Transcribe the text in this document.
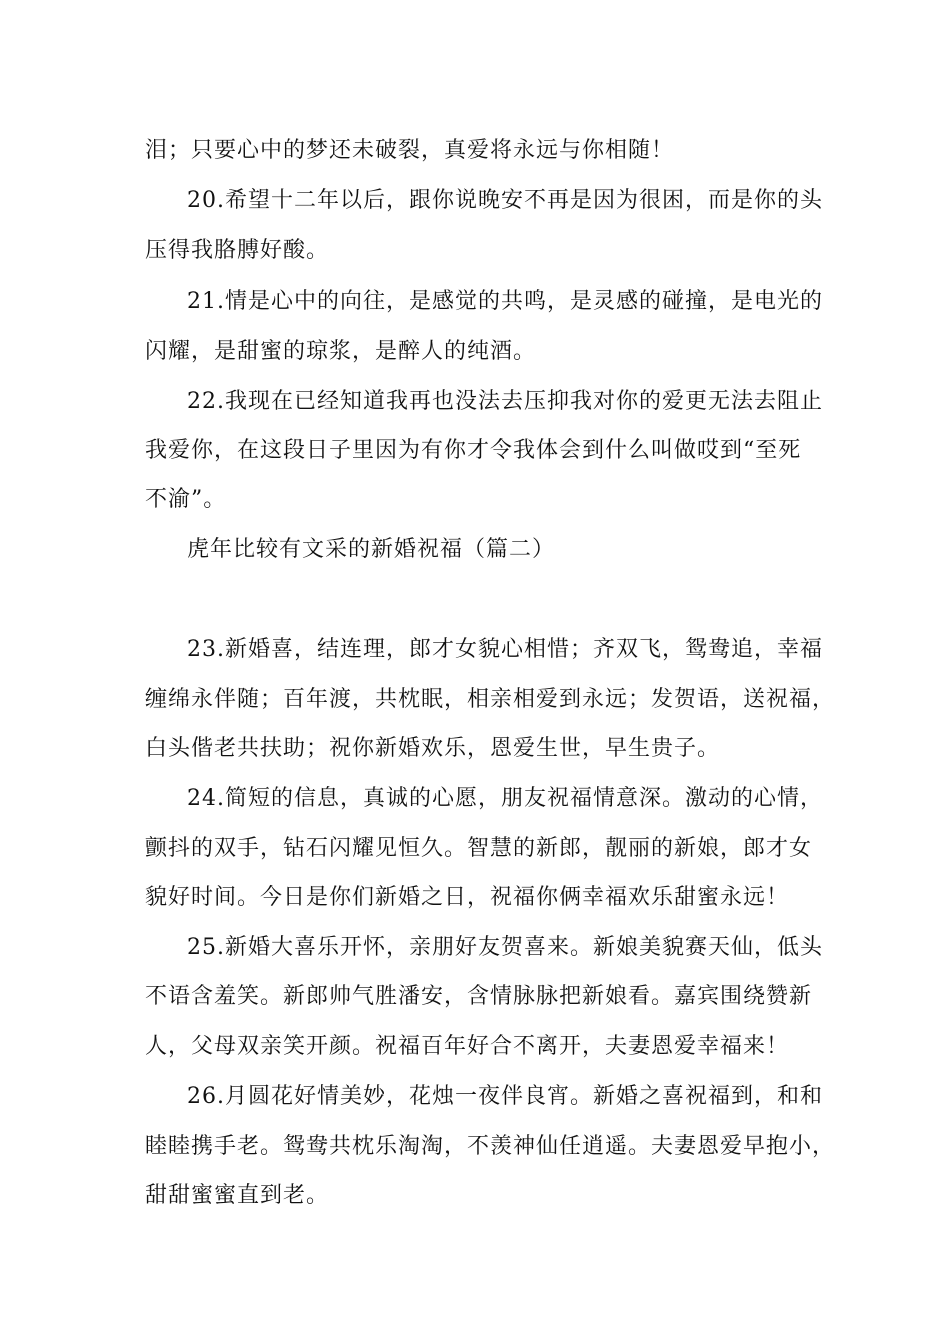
泪；只要心中的梦还未破裂，真爱将永远与你相随！
20.希望十二年以后，跟你说晚安不再是因为很困，而是你的头
压得我胳膊好酸。
21.情是心中的向往，是感觉的共鸣，是灵感的碰撞，是电光的
闪耀，是甜蜜的琼浆，是醉人的纯酒。
22.我现在已经知道我再也没法去压抑我对你的爱更无法去阻止
我爱你，在这段日子里因为有你才令我体会到什么叫做哎到“至死
不渝”。
虎年比较有文采的新婚祝福（篇二）
23.新婚喜，结连理，郎才女貌心相惜；齐双飞，鸳鸯追，幸福
缠绵永伴随；百年渡，共枕眠，相亲相爱到永远；发贺语，送祝福，
白头偕老共扶助；祝你新婚欢乐，恩爱生世，早生贵子。
24.简短的信息，真诚的心愿，朋友祝福情意深。激动的心情，
颤抖的双手，钻石闪耀见恒久。智慧的新郎，靓丽的新娘，郎才女
貌好时间。今日是你们新婚之日，祝福你俩幸福欢乐甜蜜永远！
25.新婚大喜乐开怀，亲朋好友贺喜来。新娘美貌赛天仙，低头
不语含羞笑。新郎帅气胜潘安，含情脉脉把新娘看。嘉宾围绕赞新
人，父母双亲笑开颜。祝福百年好合不离开，夫妻恩爱幸福来！
26.月圆花好情美妙，花烛一夜伴良宵。新婚之喜祝福到，和和
睦睦携手老。鸳鸯共枕乐淘淘，不羡神仙任逍遥。夫妻恩爱早抱小，
甜甜蜜蜜直到老。
